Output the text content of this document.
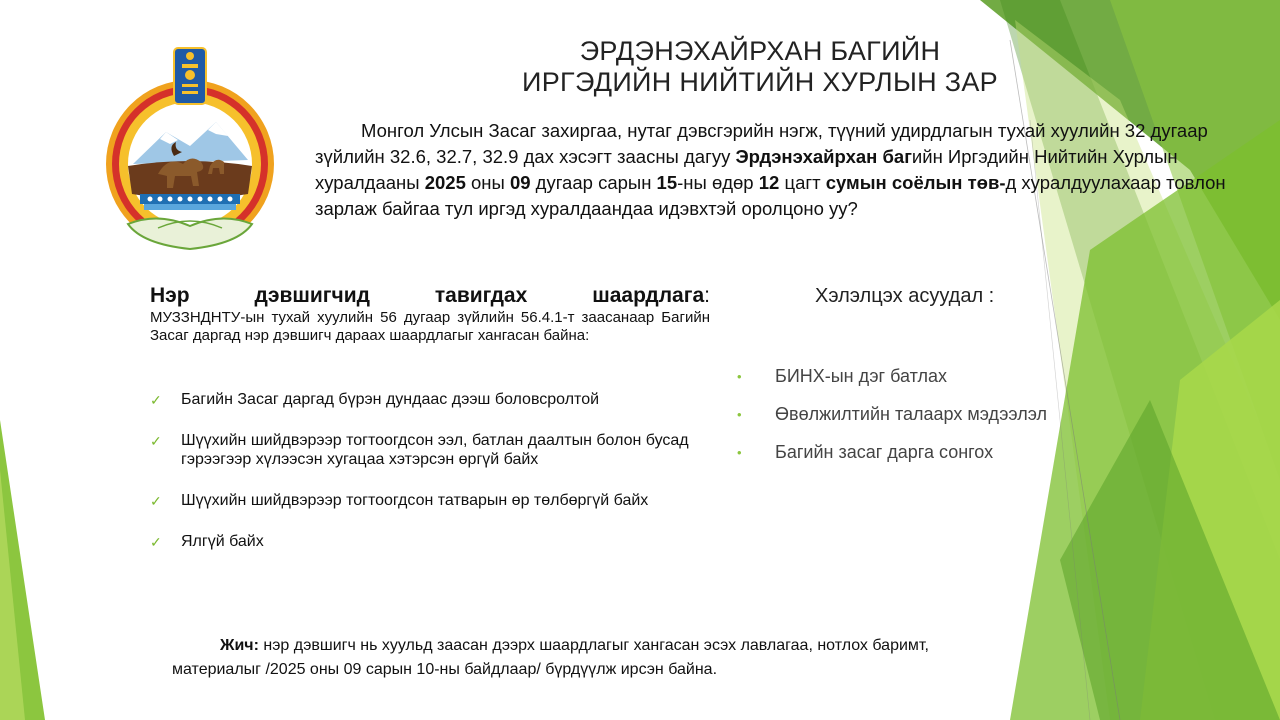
ЭРДЭНЭХАЙРХАН БАГИЙН
ИРГЭДИЙН НИЙТИЙН ХУРЛЫН ЗАР

Монгол Улсын Засаг захиргаа, нутаг дэвсгэрийн нэгж, түүний удирдлагын тухай хуулийн 32 дугаар зүйлийн 32.6, 32.7, 32.9 дах хэсэгт заасны дагуу Эрдэнэхайрхан багийн Иргэдийн Нийтийн Хурлын хуралдааны 2025 оны 09 дугаар сарын 15-ны өдөр 12 цагт сумын соёлын төв-д хуралдуулахаар товлон зарлаж байгаа тул иргэд хуралдаандаа идэвхтэй оролцоно уу?

Нэр дэвшигчид тавигдах шаардлага:
МУЗЗНДНТУ-ын тухай хуулийн 56 дугаар зүйлийн 56.4.1-т заасанаар Багийн Засаг даргад нэр дэвшигч дараах шаардлагыг хангасан байна:
✓ Багийн Засаг даргад бүрэн дундаас дээш боловсролтой
✓ Шүүхийн шийдвэрээр тогтоогдсон ээл, батлан даалтын болон бусад гэрээгээр хүлээсэн хугацаа хэтэрсэн өргүй байх
✓ Шүүхийн шийдвэрээр тогтоогдсон татварын өр төлбөргүй байх
✓ Ялгүй байх
Хэлэлцэх асуудал :
• БИНХ-ын дэг батлах
• Өвөлжилтийн талаарх мэдээлэл
• Багийн засаг дарга сонгох

Жич: нэр дэвшигч нь хуульд заасан дээрх шаардлагыг хангасан эсэх лавлагаа, нотлох баримт,

материалыг /2025 оны 09 сарын 10-ны байдлаар/ бүрдүүлж ирсэн байна.
